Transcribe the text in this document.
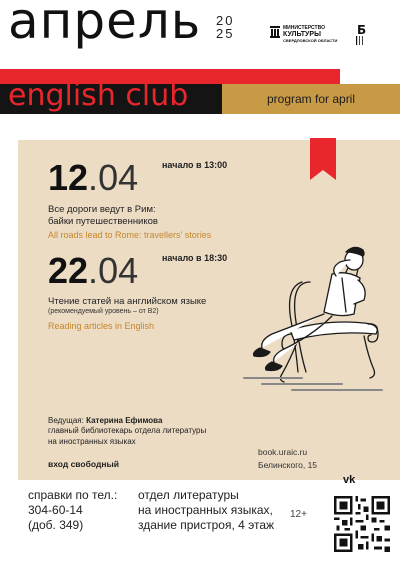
апрель 20
25	МИНИСТЕРСТВО
КУЛЬТУРЫ
СВЕРДЛОВСКОЙ ОБЛАСТИ
Б
english club	program for april
12.04	начало в 13:00
Все дороги ведут в Рим:
байки путешественников
All roads lead to Rome: travellers' stories
22.04	начало в 18:30
Чтение статей на английском языке
(рекомендуемый уровень – от B2)
Reading articles in English
Ведущая: Катерина Ефимова
главный библиотекарь отдела литературы
на иностранных языках
вход свободный
book.uraic.ru
Белинского, 15
vk
справки по тел.:
304-60-14
(доб. 349)
отдел литературы
на иностранных языках,
здание пристроя, 4 этаж
12+
